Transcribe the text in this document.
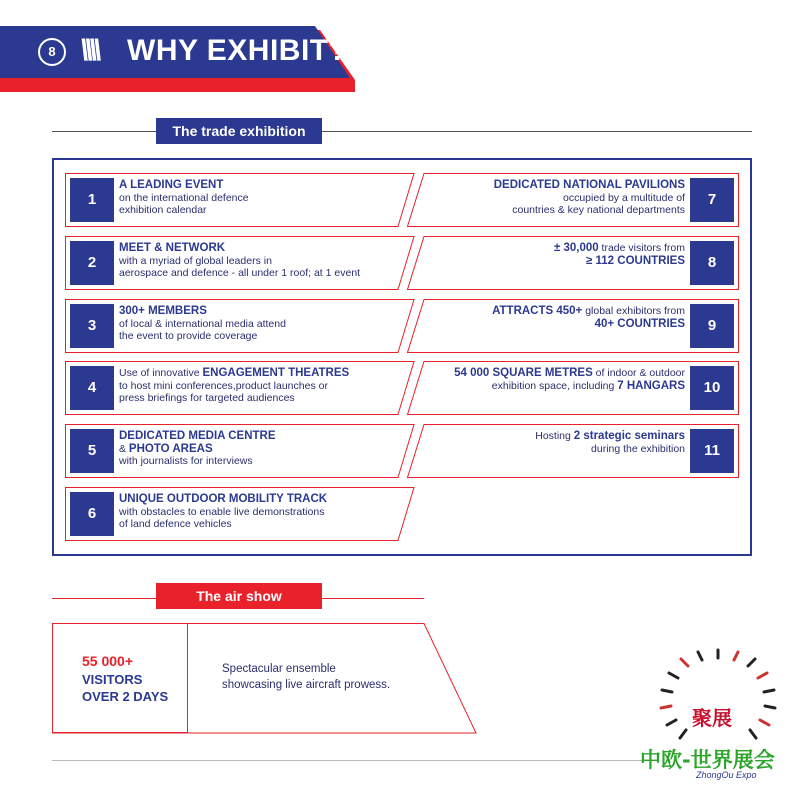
8 \\\\ WHY EXHIBIT?
The trade exhibition
1
A LEADING EVENT
on the international defence
exhibition calendar
2
MEET & NETWORK
with a myriad of global leaders in
aerospace and defence - all under 1 roof; at 1 event
3
300+ MEMBERS
of local & international media attend
the event to provide coverage
4
Use of innovative ENGAGEMENT THEATRES
to host mini conferences,product launches or
press briefings for targeted audiences
5
DEDICATED MEDIA CENTRE
& PHOTO AREAS
with journalists for interviews
6
UNIQUE OUTDOOR MOBILITY TRACK
with obstacles to enable live demonstrations
of land defence vehicles
7
DEDICATED NATIONAL PAVILIONS
occupied by a multitude of
countries & key national departments
8
± 30,000 trade visitors from
≥ 112 COUNTRIES
9
ATTRACTS 450+ global exhibitors from
40+ COUNTRIES
10
54 000 SQUARE METRES of indoor & outdoor
exhibition space, including 7 HANGARS
11
Hosting 2 strategic seminars
during the exhibition
The air show
55 000+
VISITORS
OVER 2 DAYS
Spectacular ensemble
showcasing live aircraft prowess.
聚展
中欧-世界展会
ZhongOu Expo
